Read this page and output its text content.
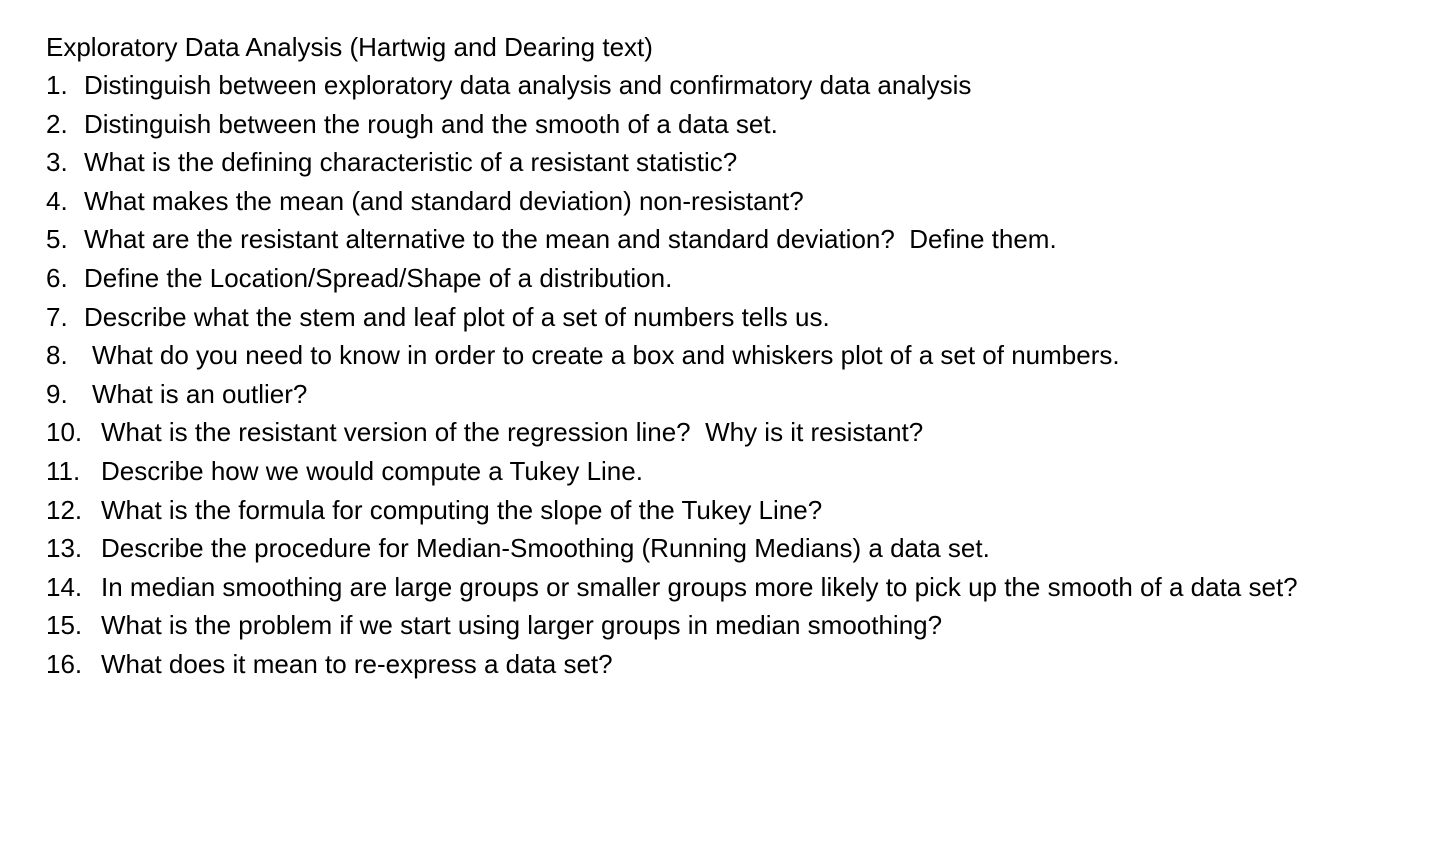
Exploratory Data Analysis (Hartwig and Dearing text)
1. Distinguish between exploratory data analysis and confirmatory data analysis
2. Distinguish between the rough and the smooth of a data set.
3. What is the defining characteristic of a resistant statistic?
4. What makes the mean (and standard deviation) non-resistant?
5. What are the resistant alternative to the mean and standard deviation?  Define them.
6. Define the Location/Spread/Shape of a distribution.
7. Describe what the stem and leaf plot of a set of numbers tells us.
8. What do you need to know in order to create a box and whiskers plot of a set of numbers.
9. What is an outlier?
10. What is the resistant version of the regression line?  Why is it resistant?
11. Describe how we would compute a Tukey Line.
12. What is the formula for computing the slope of the Tukey Line?
13. Describe the procedure for Median-Smoothing (Running Medians) a data set.
14. In median smoothing are large groups or smaller groups more likely to pick up the smooth of a data set?
15. What is the problem if we start using larger groups in median smoothing?
16. What does it mean to re-express a data set?
